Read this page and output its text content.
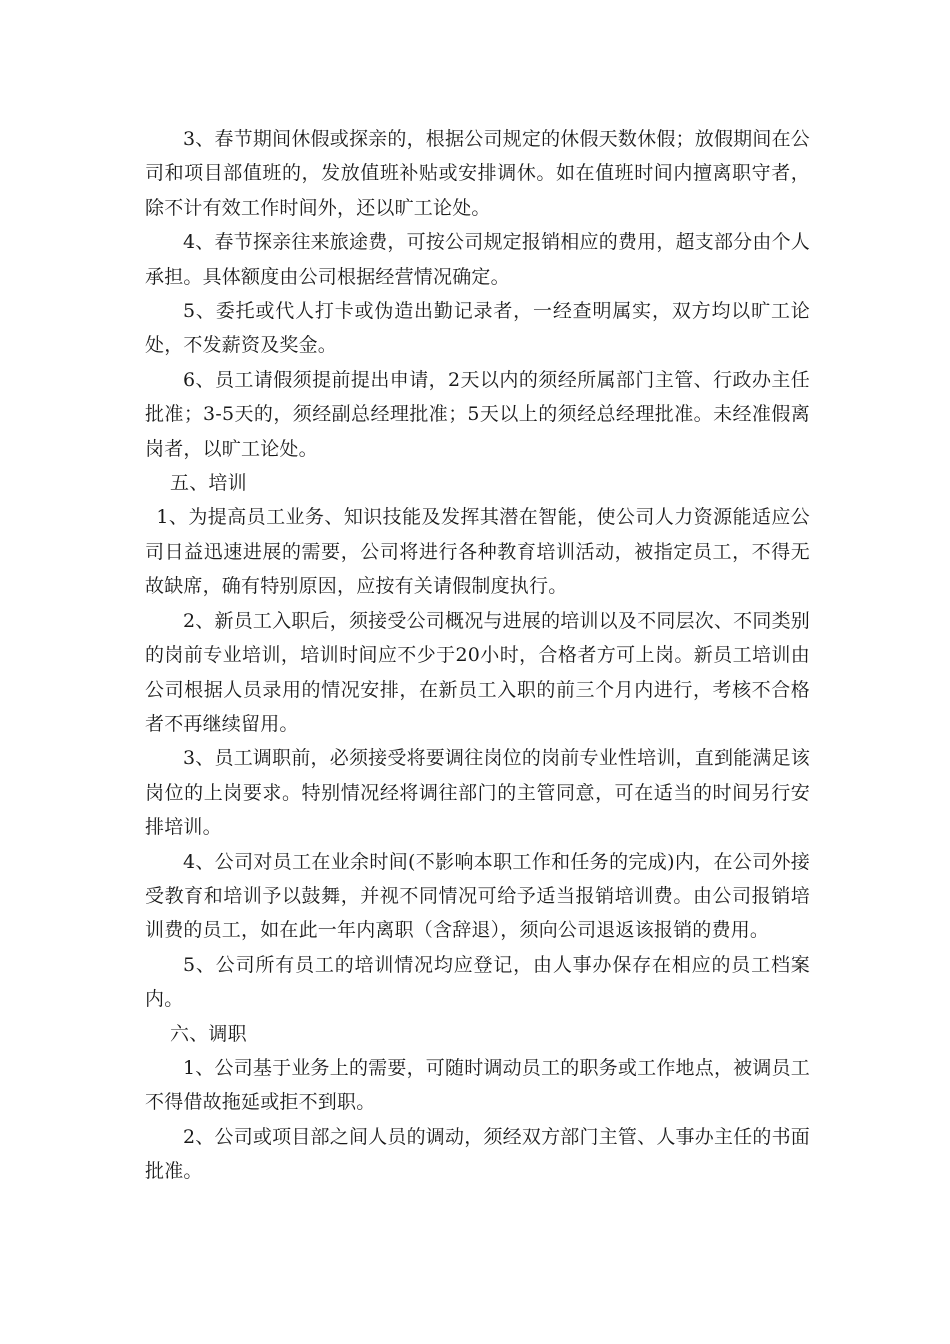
3、春节期间休假或探亲的，根据公司规定的休假天数休假；放假期间在公司和项目部值班的，发放值班补贴或安排调休。如在值班时间内擅离职守者，除不计有效工作时间外，还以旷工论处。

4、春节探亲往来旅途费，可按公司规定报销相应的费用，超支部分由个人承担。具体额度由公司根据经营情况确定。

5、委托或代人打卡或伪造出勤记录者，一经查明属实，双方均以旷工论处，不发薪资及奖金。

6、员工请假须提前提出申请，2天以内的须经所属部门主管、行政办主任批准；3-5天的，须经副总经理批准；5天以上的须经总经理批准。未经准假离岗者，以旷工论处。

五、培训

1、为提高员工业务、知识技能及发挥其潜在智能，使公司人力资源能适应公司日益迅速进展的需要，公司将进行各种教育培训活动，被指定员工，不得无故缺席，确有特别原因，应按有关请假制度执行。

2、新员工入职后，须接受公司概况与进展的培训以及不同层次、不同类别的岗前专业培训，培训时间应不少于20小时，合格者方可上岗。新员工培训由公司根据人员录用的情况安排，在新员工入职的前三个月内进行，考核不合格者不再继续留用。

3、员工调职前，必须接受将要调往岗位的岗前专业性培训，直到能满足该岗位的上岗要求。特别情况经将调往部门的主管同意，可在适当的时间另行安排培训。

4、公司对员工在业余时间(不影响本职工作和任务的完成)内，在公司外接受教育和培训予以鼓舞，并视不同情况可给予适当报销培训费。由公司报销培训费的员工，如在此一年内离职（含辞退），须向公司退返该报销的费用。

5、公司所有员工的培训情况均应登记，由人事办保存在相应的员工档案内。

六、调职

1、公司基于业务上的需要，可随时调动员工的职务或工作地点，被调员工不得借故拖延或拒不到职。

2、公司或项目部之间人员的调动，须经双方部门主管、人事办主任的书面批准。
